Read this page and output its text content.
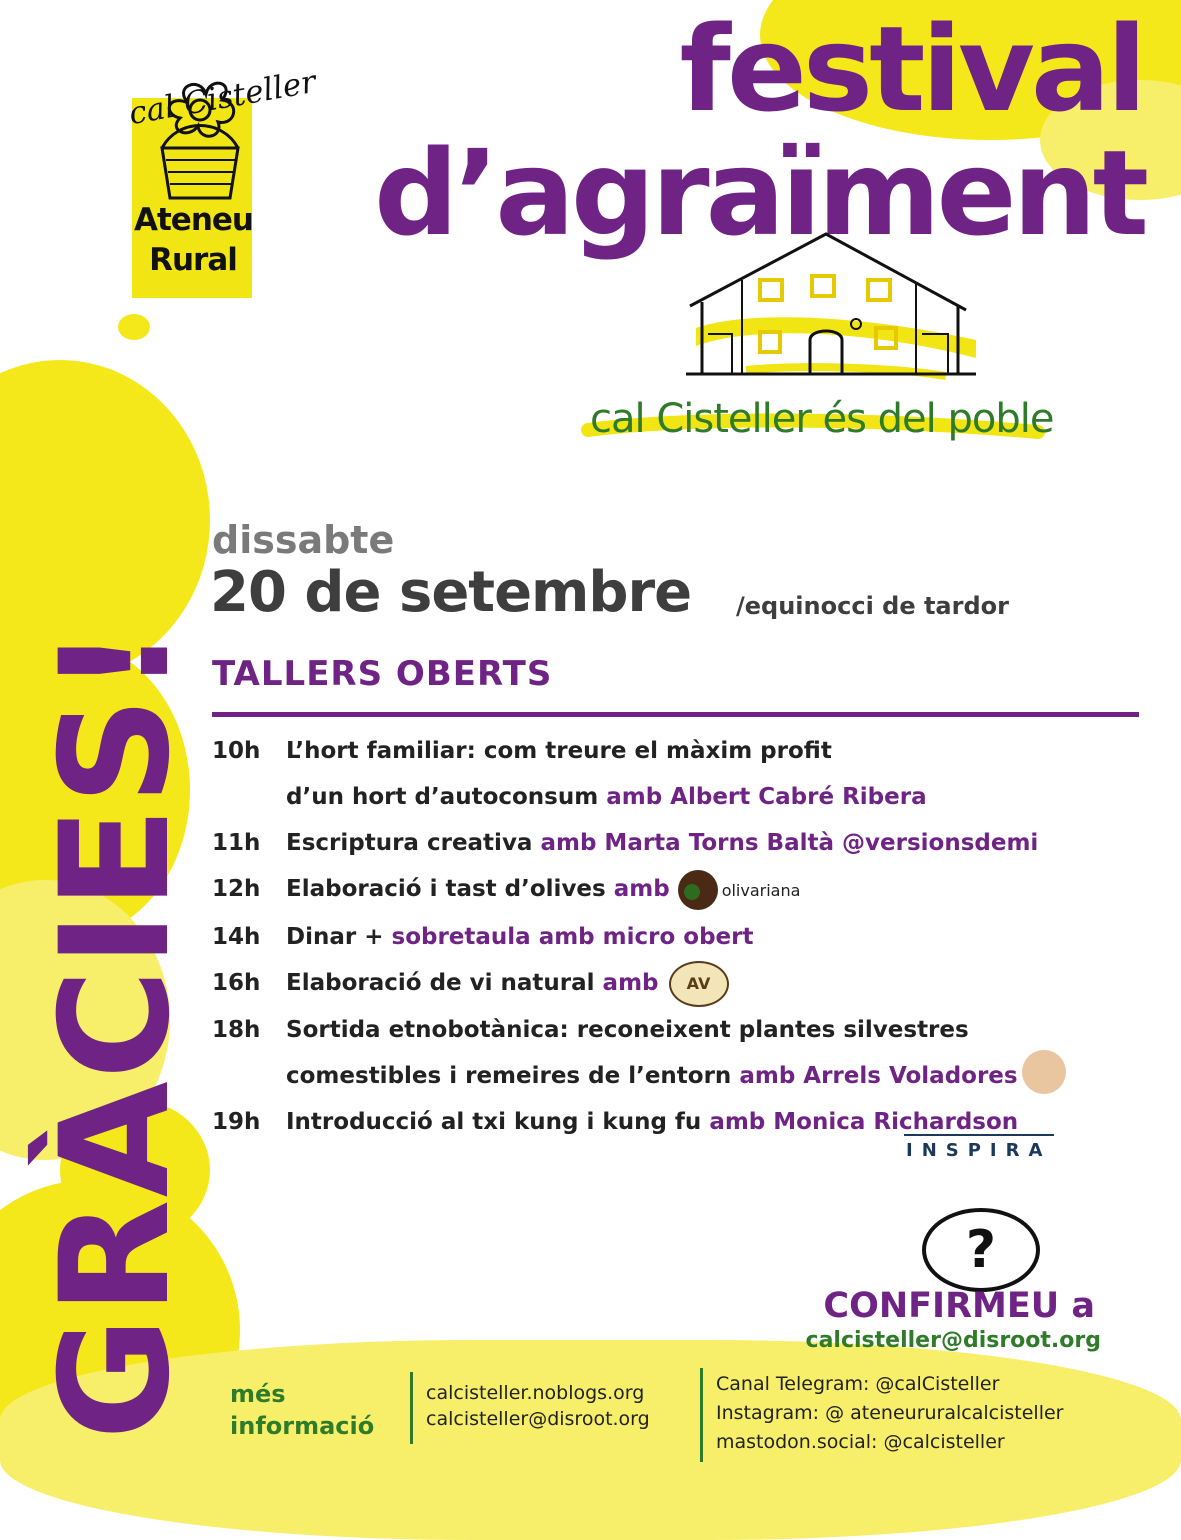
cal Cisteller
Ateneu
Rural
festival
d’agraïment
cal Cisteller és del poble
GRÀCIES!
dissabte
20 de setembre /equinocci de tardor
TALLERS OBERTS
10h L’hort familiar: com treure el màxim profit
d’un hort d’autoconsum amb Albert Cabré Ribera
11h Escriptura creativa amb Marta Torns Baltà @versionsdemi
12h Elaboració i tast d’olives amb	olivariana
14h Dinar + sobretaula amb micro obert
16h Elaboració de vi natural amb AV
18h Sortida etnobotànica: reconeixent plantes silvestres
comestibles i remeires de l’entorn amb Arrels Voladores
19h Introducció al txi kung i kung fu amb Monica Richardson
INSPIRA
?
CONFIRMEU a
calcisteller@disroot.org
més
informació
calcisteller.noblogs.org
calcisteller@disroot.org
Canal Telegram: @calCisteller
Instagram: @ ateneururalcalcisteller
mastodon.social: @calcisteller
